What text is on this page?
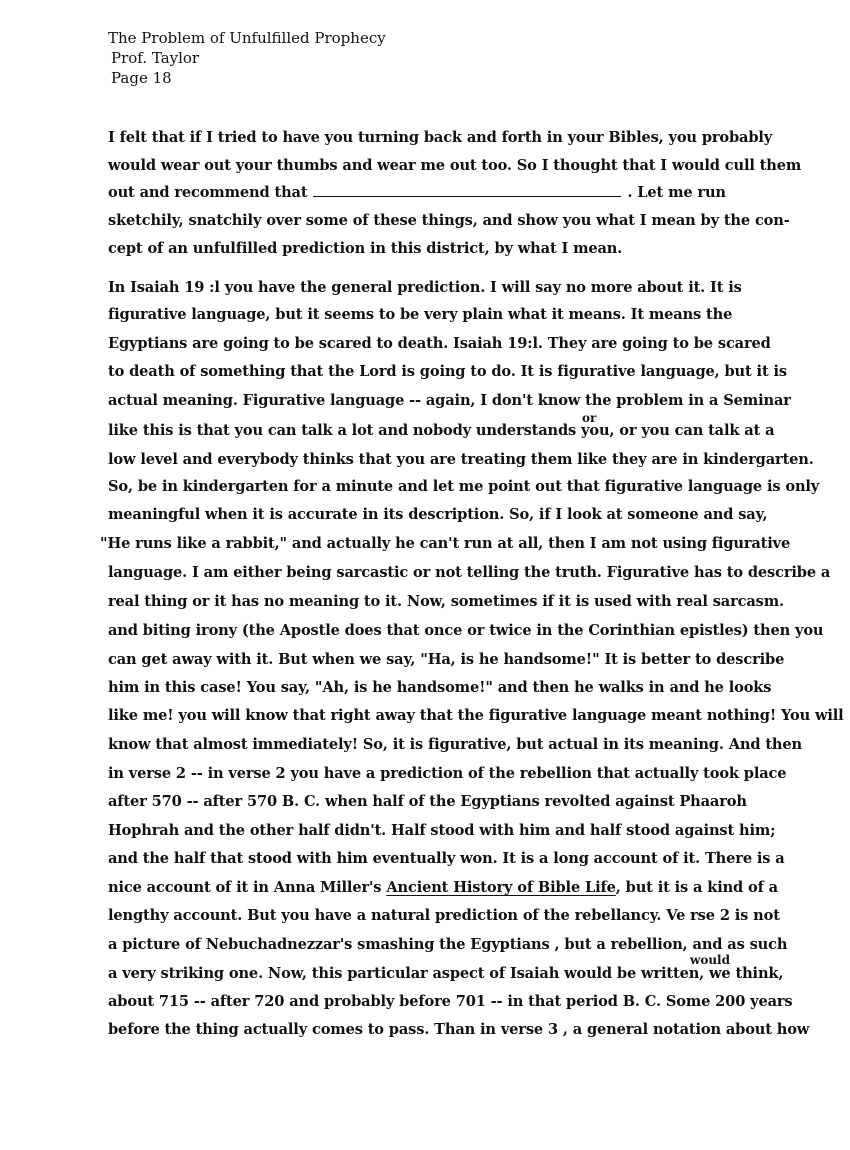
The Problem of Unfulfilled Prophecy
Prof. Taylor
Page 18
I felt that if I tried to have you turning back and forth in your Bibles, you probably
would wear out your thumbs and wear me out too. So I thought that I would cull them
out and recommend that	. Let me run
sketchily, snatchily over some of these things, and show you what I mean by the con-
cept of an unfulfilled prediction in this district, by what I mean.
In Isaiah 19 :l you have the general prediction. I will say no more about it. It is
figurative language, but it seems to be very plain what it means. It means the
Egyptians are going to be scared to death. Isaiah 19:l. They are going to be scared
to death of something that the Lord is going to do. It is figurative language, but it is
actual meaning. Figurative language -- again, I don't know the problem in a Seminar
like this is that you can talk a lot and nobody understands you, or you can talk at a
low level and everybody thinks that you are treating them like they are in kindergarten.
So, be in kindergarten for a minute and let me point out that figurative language is only
meaningful when it is accurate in its description. So, if I look at someone and say,
"He runs like a rabbit," and actually he can't run at all, then I am not using figurative
language. I am either being sarcastic or not telling the truth. Figurative has to describe a
real thing or it has no meaning to it. Now, sometimes if it is used with real sarcasm.
and biting irony (the Apostle does that once or twice in the Corinthian epistles) then you
can get away with it. But when we say, "Ha, is he handsome!" It is better to describe
him in this case! You say, "Ah, is he handsome!" and then he walks in and he looks
like me! you will know that right away that the figurative language meant nothing! You will
know that almost immediately! So, it is figurative, but actual in its meaning. And then
in verse 2 -- in verse 2 you have a prediction of the rebellion that actually took place
after 570 -- after 570 B. C. when half of the Egyptians revolted against Phaaroh
Hophrah and the other half didn't. Half stood with him and half stood against him;
and the half that stood with him eventually won. It is a long account of it. There is a
nice account of it in Anna Miller's Ancient History of Bible Life, but it is a kind of a
lengthy account. But you have a natural prediction of the rebellancy. Ve rse 2 is not
a picture of Nebuchadnezzar's smashing the Egyptians , but a rebellion, and as such
a very striking one. Now, this particular aspect of Isaiah would be written, we think,
about 715 -- after 720 and probably before 701 -- in that period B. C. Some 200 years
before the thing actually comes to pass. Than in verse 3 , a general notation about how
or
would
